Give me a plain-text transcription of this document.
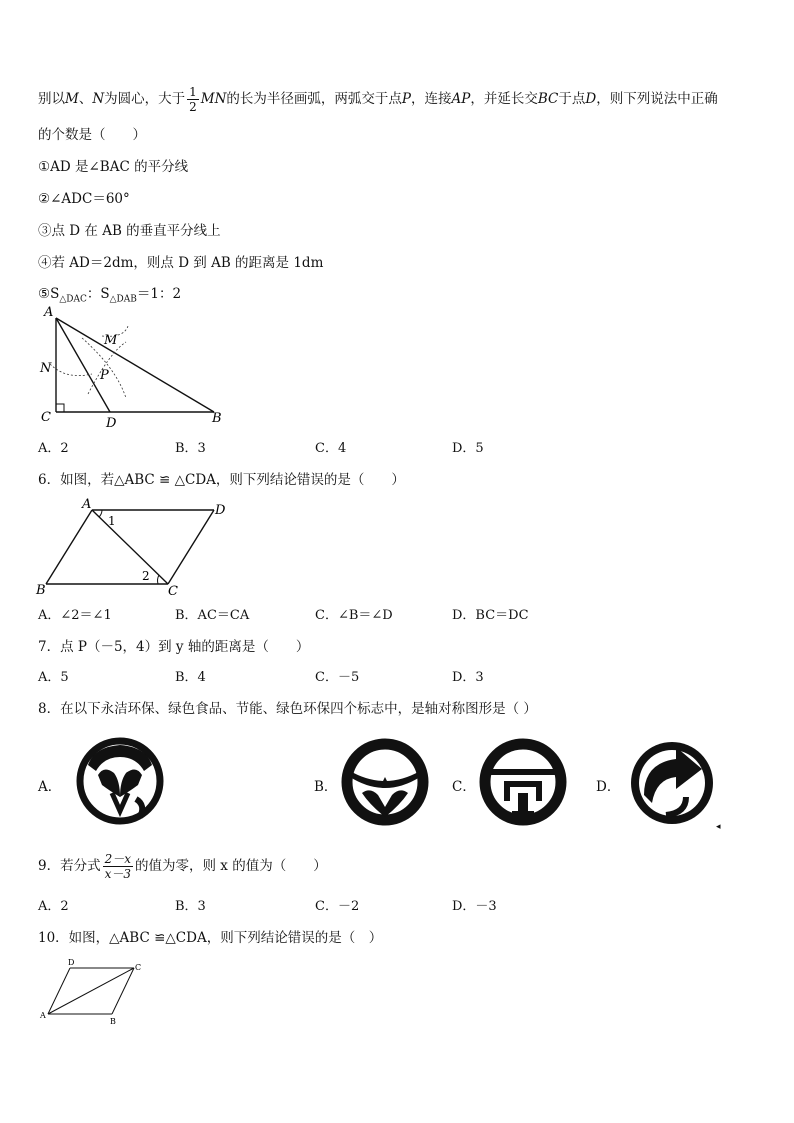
别以M、N为圆心，大于 $\frac{1}{2}$ MN的长为半径画弧，两弧交于点P，连接AP，并延长交BC于点D，则下列说法中正确
的个数是（　　）
①AD 是∠BAC 的平分线
②∠ADC＝60°
③点 D 在 AB 的垂直平分线上
④若 AD＝2dm，则点 D 到 AB 的距离是 1dm
$⑤S_{\triangle DAC}$：$S_{\triangle DAB}=1$：2
A
M
N	P
C	D	B
A．2	B．3	C．4	D．5
6．如图，若△ABC ≌ △CDA，则下列结论错误的是（　　）
A	D
B	C
1
2
A．∠2＝∠1	B．AC＝CA	C．∠B＝∠D	D．BC＝DC
7．点 P（－5，4）到 y 轴的距离是（　　）
A．5	B．4	C．－5	D．3
8．在以下永洁环保、绿色食品、节能、绿色环保四个标志中，是轴对称图形是（ ）
A．	B．	C．	D．
◂
9．若分式 $\frac{2-x}{x-3}$ 的值为零，则 x 的值为（　　）
A．2	B．3	C．－2	D．－3
10．如图，△ABC ≌△CDA，则下列结论错误的是（　）
D
C
A
B
